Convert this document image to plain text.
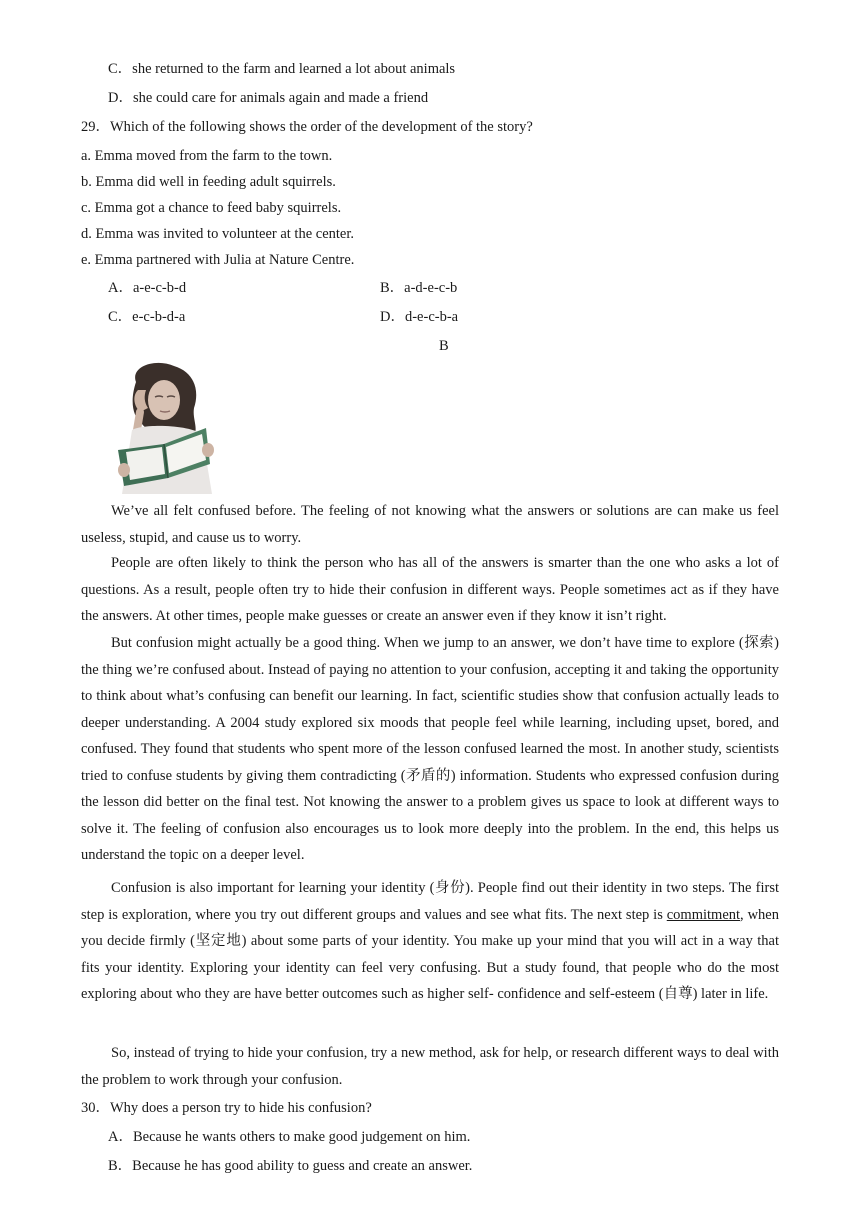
C．she returned to the farm and learned a lot about animals
D．she could care for animals again and made a friend
29．Which of the following shows the order of the development of the story?
a. Emma moved from the farm to the town.
b. Emma did well in feeding adult squirrels.
c. Emma got a chance to feed baby squirrels.
d. Emma was invited to volunteer at the center.
e. Emma partnered with Julia at Nature Centre.
A．a-e-c-b-d	B．a-d-e-c-b
C．e-c-b-d-a	D．d-e-c-b-a
B
We’ve all felt confused before. The feeling of not knowing what the answers or solutions are can make us feel useless, stupid, and cause us to worry.
People are often likely to think the person who has all of the answers is smarter than the one who asks a lot of questions. As a result, people often try to hide their confusion in different ways. People sometimes act as if they have the answers. At other times, people make guesses or create an answer even if they know it isn’t right.
But confusion might actually be a good thing. When we jump to an answer, we don’t have time to explore (探索) the thing we’re confused about. Instead of paying no attention to your confusion, accepting it and taking the opportunity to think about what’s confusing can benefit our learning. In fact, scientific studies show that confusion actually leads to deeper understanding. A 2004 study explored six moods that people feel while learning, including upset, bored, and confused. They found that students who spent more of the lesson confused learned the most. In another study, scientists tried to confuse students by giving them contradicting (矛盾的) information. Students who expressed confusion during the lesson did better on the final test. Not knowing the answer to a problem gives us space to look at different ways to solve it. The feeling of confusion also encourages us to look more deeply into the problem. In the end, this helps us understand the topic on a deeper level.
Confusion is also important for learning your identity (身份). People find out their identity in two steps. The first step is exploration, where you try out different groups and values and see what fits. The next step is commitment, when you decide firmly (坚定地) about some parts of your identity. You make up your mind that you will act in a way that fits your identity. Exploring your identity can feel very confusing. But a study found, that people who do the most exploring about who they are have better outcomes such as higher self- confidence and self-esteem (自尊) later in life.
So, instead of trying to hide your confusion, try a new method, ask for help, or research different ways to deal with the problem to work through your confusion.
30．Why does a person try to hide his confusion?
A．Because he wants others to make good judgement on him.
B．Because he has good ability to guess and create an answer.
